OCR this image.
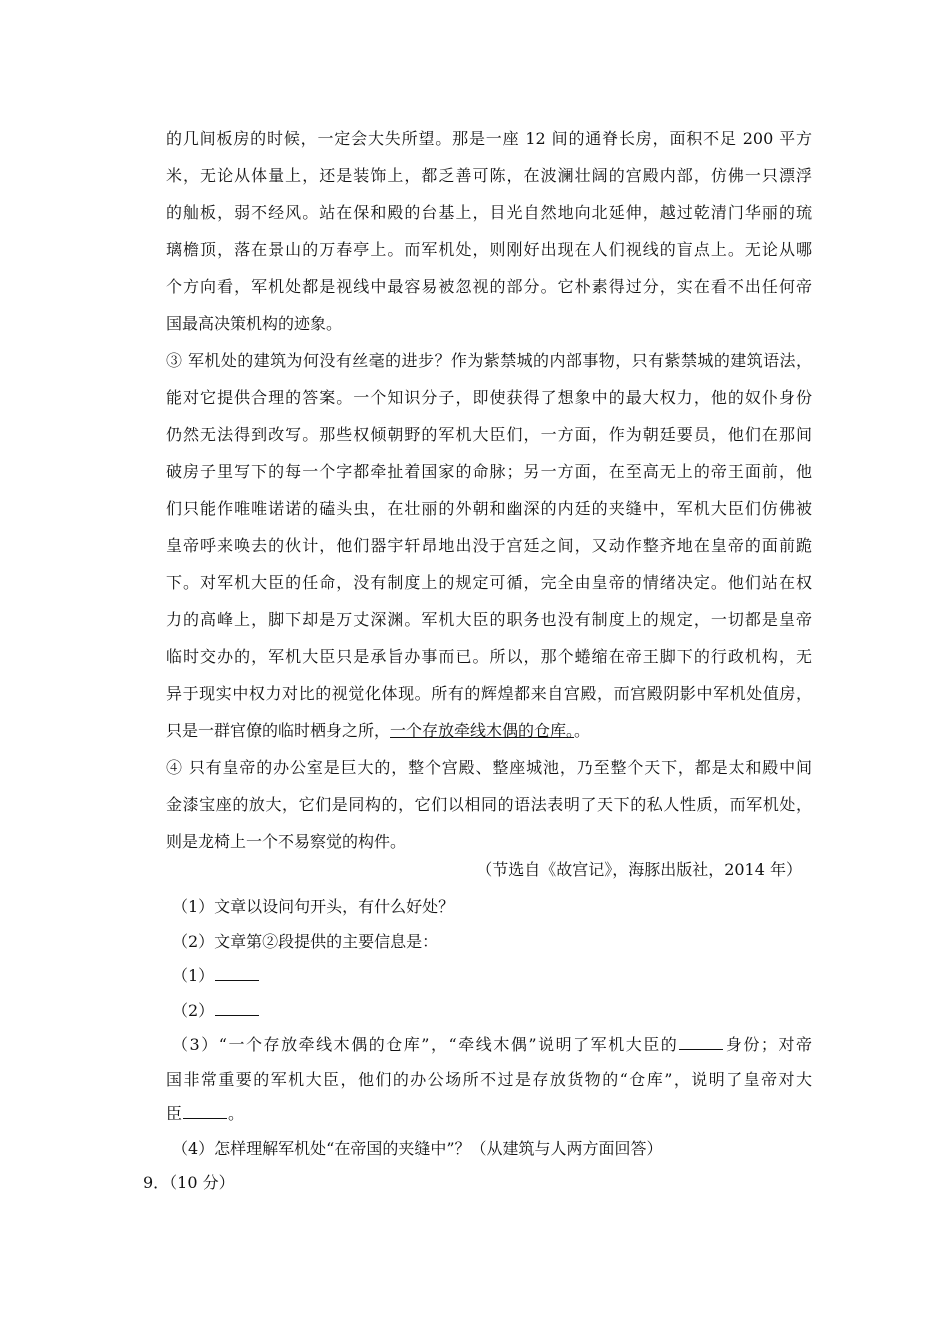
的几间板房的时候，一定会大失所望。那是一座 12 间的通脊长房，面积不足 200 平方
米，无论从体量上，还是装饰上，都乏善可陈，在波澜壮阔的宫殿内部，仿佛一只漂浮
的舢板，弱不经风。站在保和殿的台基上，目光自然地向北延伸，越过乾清门华丽的琉
璃檐顶，落在景山的万春亭上。而军机处，则刚好出现在人们视线的盲点上。无论从哪
个方向看，军机处都是视线中最容易被忽视的部分。它朴素得过分，实在看不出任何帝
国最高决策机构的迹象。
③ 军机处的建筑为何没有丝毫的进步？作为紫禁城的内部事物，只有紫禁城的建筑语法，
能对它提供合理的答案。一个知识分子，即使获得了想象中的最大权力，他的奴仆身份
仍然无法得到改写。那些权倾朝野的军机大臣们，一方面，作为朝廷要员，他们在那间
破房子里写下的每一个字都牵扯着国家的命脉；另一方面，在至高无上的帝王面前，他
们只能作唯唯诺诺的磕头虫，在壮丽的外朝和幽深的内廷的夹缝中，军机大臣们仿佛被
皇帝呼来唤去的伙计，他们器宇轩昂地出没于宫廷之间，又动作整齐地在皇帝的面前跪
下。对军机大臣的任命，没有制度上的规定可循，完全由皇帝的情绪决定。他们站在权
力的高峰上，脚下却是万丈深渊。军机大臣的职务也没有制度上的规定，一切都是皇帝
临时交办的，军机大臣只是承旨办事而已。所以，那个蜷缩在帝王脚下的行政机构，无
异于现实中权力对比的视觉化体现。所有的辉煌都来自宫殿，而宫殿阴影中军机处值房，
只是一群官僚的临时栖身之所，一个存放牵线木偶的仓库。。
④ 只有皇帝的办公室是巨大的，整个宫殿、整座城池，乃至整个天下，都是太和殿中间
金漆宝座的放大，它们是同构的，它们以相同的语法表明了天下的私人性质，而军机处，
则是龙椅上一个不易察觉的构件。
（节选自《故宫记》，海豚出版社，2014 年）
（1）文章以设问句开头，有什么好处？
（2）文章第②段提供的主要信息是：
（1）
（2）
（3）“一个存放牵线木偶的仓库”，“牵线木偶”说明了军机大臣的	身份；对帝
国非常重要的军机大臣，他们的办公场所不过是存放货物的“仓库”，说明了皇帝对大
臣	。
（4）怎样理解军机处“在帝国的夹缝中”？（从建筑与人两方面回答）
9．（10 分）
